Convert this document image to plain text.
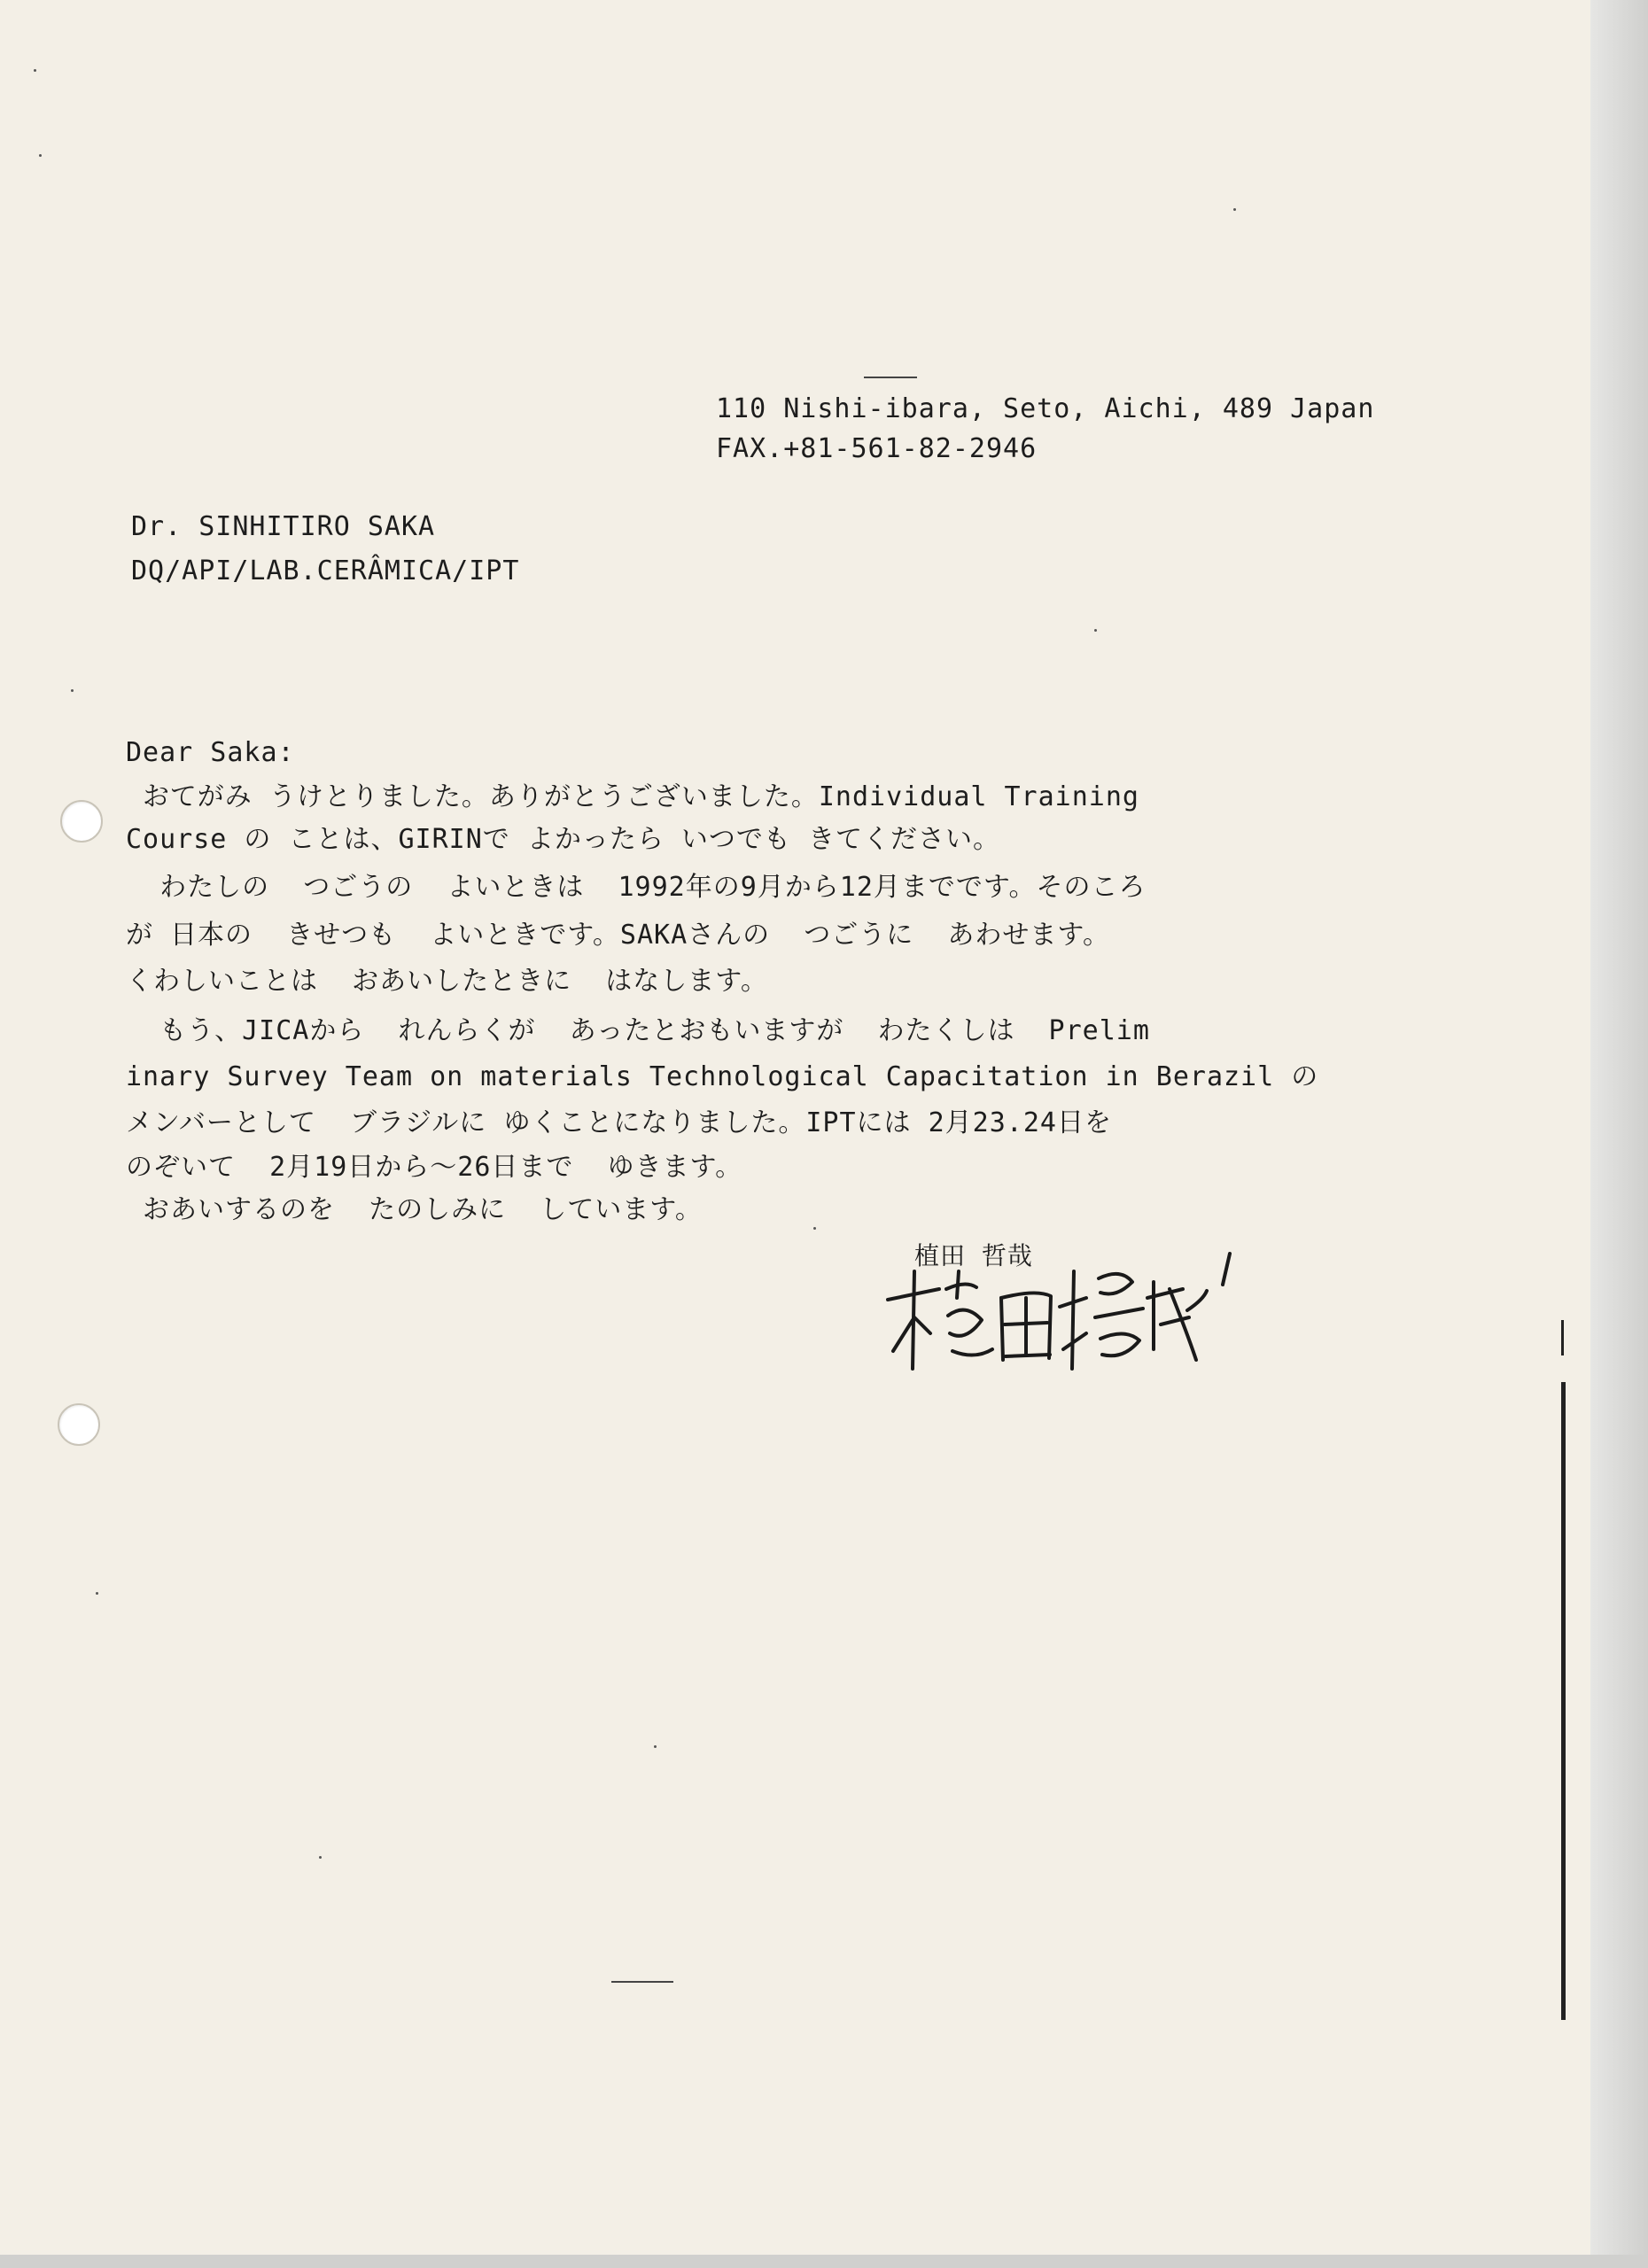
110 Nishi-ibara, Seto, Aichi, 489 Japan
FAX.+81-561-82-2946
Dr. SINHITIRO SAKA
DQ/API/LAB.CERÂMICA/IPT
Dear Saka:
おてがみ うけとりました。ありがとうございました。Individual Training
Course の ことは、GIRINで よかったら いつでも きてください。
わたしの  つごうの  よいときは  1992年の9月から12月までです。そのころ
が 日本の  きせつも  よいときです。SAKAさんの  つごうに  あわせます。
くわしいことは  おあいしたときに  はなします。
もう、JICAから  れんらくが  あったとおもいますが  わたくしは  Prelim
inary Survey Team on materials Technological Capacitation in Berazil の
メンバーとして  ブラジルに ゆくことになりました。IPTには 2月23.24日を
のぞいて  2月19日から～26日まで  ゆきます。
おあいするのを  たのしみに  しています。
植田 哲哉
